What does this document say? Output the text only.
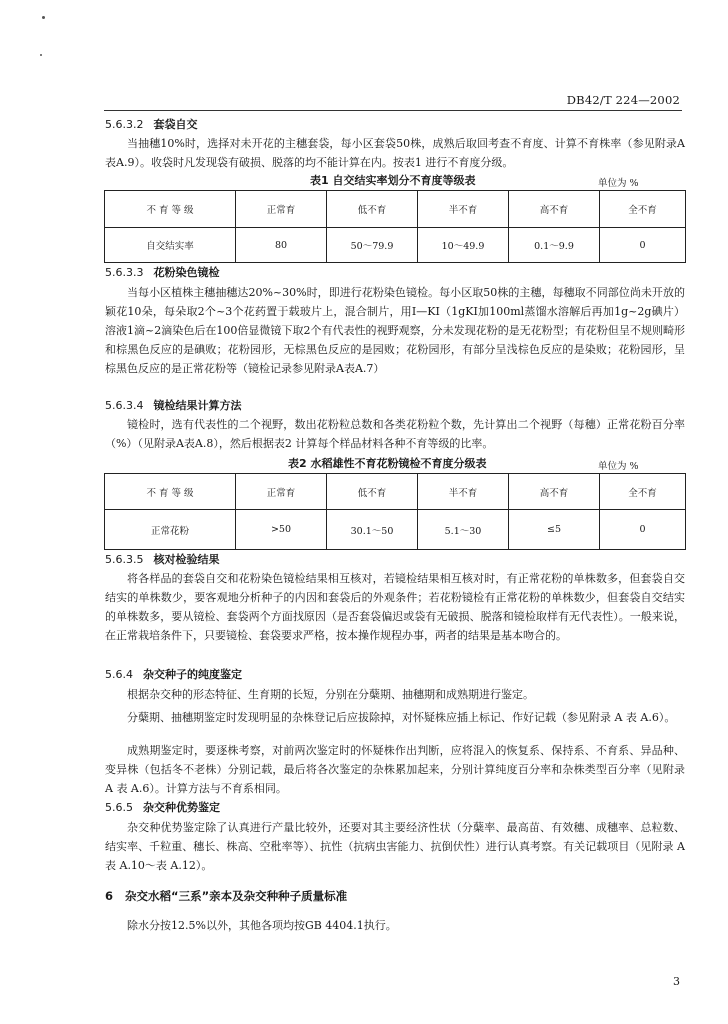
DB42/T 224—2002
5.6.3.2 套袋自交
当抽穗10%时，选择对未开花的主穗套袋，每小区套袋50株，成熟后取回考查不育度、计算不育株率（参见附录A表A.9）。收袋时凡发现袋有破损、脱落的均不能计算在内。按表1 进行不育度分级。
表1 自交结实率划分不育度等级表	单位为 %
不 育 等 级	正常育	低不育	半不育	高不育	全不育
自交结实率	80	50～79.9	10～49.9	0.1～9.9	0
5.6.3.3 花粉染色镜检
当每小区植株主穗抽穗达20%~30%时，即进行花粉染色镜检。每小区取50株的主穗，每穗取不同部位尚未开放的颖花10朵，每朵取2个~3个花药置于载玻片上，混合制片，用I—KI（1gKI加100ml蒸馏水溶解后再加1g~2g碘片）溶液1滴~2滴染色后在100倍显微镜下取2个有代表性的视野观察，分未发现花粉的是无花粉型；有花粉但呈不规则畸形和棕黑色反应的是碘败；花粉园形，无棕黑色反应的是园败；花粉园形，有部分呈浅棕色反应的是染败；花粉园形，呈棕黑色反应的是正常花粉等（镜检记录参见附录A表A.7）
5.6.3.4 镜检结果计算方法
镜检时，选有代表性的二个视野，数出花粉粒总数和各类花粉粒个数，先计算出二个视野（每穗）正常花粉百分率（%）（见附录A表A.8），然后根据表2 计算每个样品材料各种不育等级的比率。
表2 水稻雄性不育花粉镜检不育度分级表	单位为 %
不 育 等 级	正常育	低不育	半不育	高不育	全不育
正常花粉	>50	30.1～50	5.1～30	≤5	0
5.6.3.5 核对检验结果
将各样品的套袋自交和花粉染色镜检结果相互核对，若镜检结果相互核对时，有正常花粉的单株数多，但套袋自交结实的单株数少，要客观地分析种子的内因和套袋后的外观条件；若花粉镜检有正常花粉的单株数少，但套袋自交结实的单株数多，要从镜检、套袋两个方面找原因（是否套袋偏迟或袋有无破损、脱落和镜检取样有无代表性）。一般来说，在正常栽培条件下，只要镜检、套袋要求严格，按本操作规程办事，两者的结果是基本吻合的。
5.6.4 杂交种子的纯度鉴定
根据杂交种的形态特征、生育期的长短，分别在分蘖期、抽穗期和成熟期进行鉴定。
分蘖期、抽穗期鉴定时发现明显的杂株登记后应拔除掉，对怀疑株应插上标记、作好记载（参见附录 A 表 A.6）。
成熟期鉴定时，要逐株考察，对前两次鉴定时的怀疑株作出判断，应将混入的恢复系、保持系、不育系、异品种、变异株（包括冬不老株）分别记载，最后将各次鉴定的杂株累加起来，分别计算纯度百分率和杂株类型百分率（见附录 A 表 A.6）。计算方法与不育系相同。
5.6.5 杂交种优势鉴定
杂交种优势鉴定除了认真进行产量比较外，还要对其主要经济性状（分蘖率、最高苗、有效穗、成穗率、总粒数、结实率、千粒重、穗长、株高、空秕率等）、抗性（抗病虫害能力、抗倒伏性）进行认真考察。有关记载项目（见附录 A 表 A.10～表 A.12）。
6 杂交水稻“三系”亲本及杂交种种子质量标准
除水分按12.5%以外，其他各项均按GB 4404.1执行。
3
